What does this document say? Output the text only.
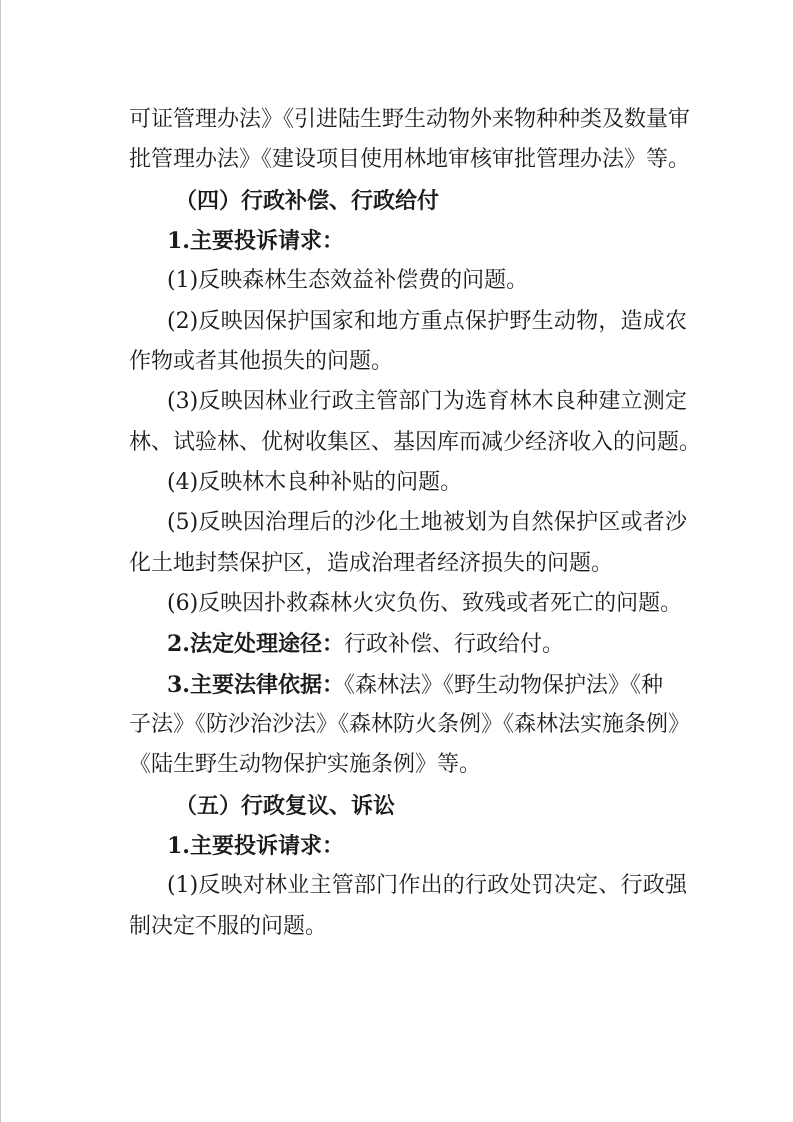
可证管理办法》《引进陆生野生动物外来物种种类及数量审
批管理办法》《建设项目使用林地审核审批管理办法》等。
（四）行政补偿、行政给付
1.主要投诉请求：
(1)反映森林生态效益补偿费的问题。
(2)反映因保护国家和地方重点保护野生动物，造成农
作物或者其他损失的问题。
(3)反映因林业行政主管部门为选育林木良种建立测定
林、试验林、优树收集区、基因库而减少经济收入的问题。
(4)反映林木良种补贴的问题。
(5)反映因治理后的沙化土地被划为自然保护区或者沙
化土地封禁保护区，造成治理者经济损失的问题。
(6)反映因扑救森林火灾负伤、致残或者死亡的问题。
2.法定处理途径：行政补偿、行政给付。
3.主要法律依据：《森林法》《野生动物保护法》《种
子法》《防沙治沙法》《森林防火条例》《森林法实施条例》
《陆生野生动物保护实施条例》等。
（五）行政复议、诉讼
1.主要投诉请求：
(1)反映对林业主管部门作出的行政处罚决定、行政强
制决定不服的问题。
